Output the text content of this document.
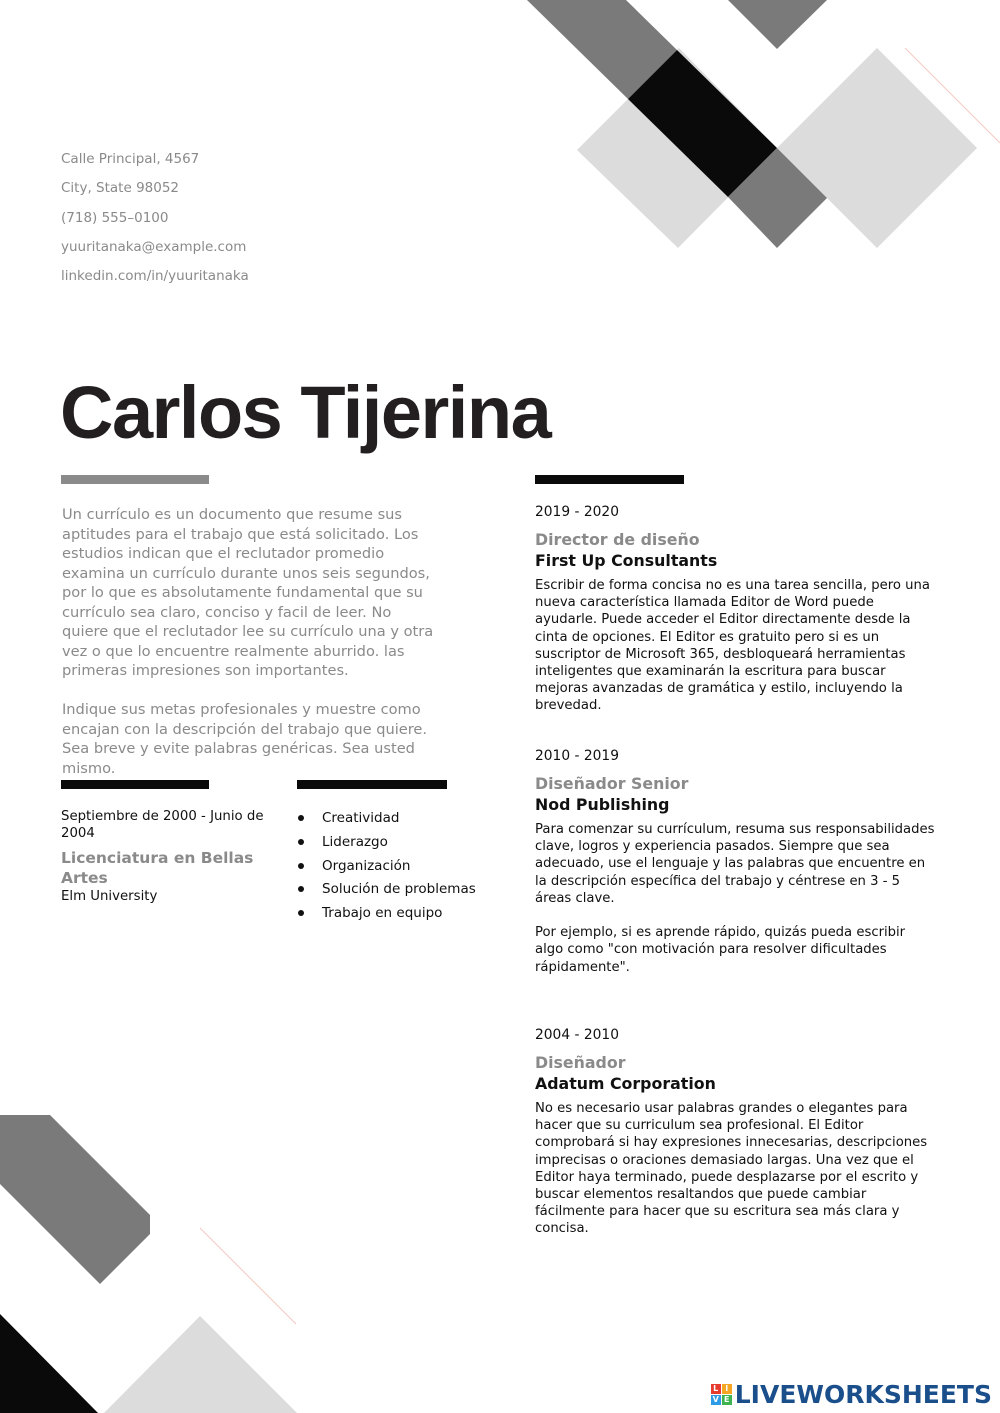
Calle Principal, 4567
City, State 98052
(718) 555–0100
yuuritanaka@example.com
linkedin.com/in/yuuritanaka
Carlos Tijerina

Un currículo es un documento que resume sus aptitudes para el trabajo que está solicitado. Los estudios indican que el reclutador promedio examina un currículo durante unos seis segundos, por lo que es absolutamente fundamental que su currículo sea claro, conciso y facil de leer. No quiere que el reclutador lee su currículo una y otra vez o que lo encuentre realmente aburrido. las primeras impresiones son importantes.

Indique sus metas profesionales y muestre como encajan con la descripción del trabajo que quiere. Sea breve y evite palabras genéricas. Sea usted mismo.

Septiembre de 2000 - Junio de 2004
Licenciatura en Bellas Artes
Elm University
Creatividad
Liderazgo
Organización
Solución de problemas
Trabajo en equipo
2019 - 2020
Director de diseño
First Up Consultants

Escribir de forma concisa no es una tarea sencilla, pero una nueva característica llamada Editor de Word puede ayudarle. Puede acceder el Editor directamente desde la cinta de opciones. El Editor es gratuito pero si es un suscriptor de Microsoft 365, desbloqueará herramientas inteligentes que examinarán la escritura para buscar mejoras avanzadas de gramática y estilo, incluyendo la brevedad.

2010 - 2019
Diseñador Senior
Nod Publishing

Para comenzar su currículum, resuma sus responsabilidades clave, logros y experiencia pasados. Siempre que sea adecuado, use el lenguaje y las palabras que encuentre en la descripción específica del trabajo y céntrese en 3 - 5 áreas clave.

Por ejemplo, si es aprende rápido, quizás pueda escribir algo como "con motivación para resolver dificultades rápidamente".

2004 - 2010
Diseñador
Adatum Corporation

No es necesario usar palabras grandes o elegantes para hacer que su curriculum sea profesional. El Editor comprobará si hay expresiones innecesarias, descripciones imprecisas o oraciones demasiado largas. Una vez que el Editor haya terminado, puede desplazarse por el escrito y buscar elementos resaltandos que puede cambiar fácilmente para hacer que su escritura sea más clara y concisa.

L I
V E LIVEWORKSHEETS
